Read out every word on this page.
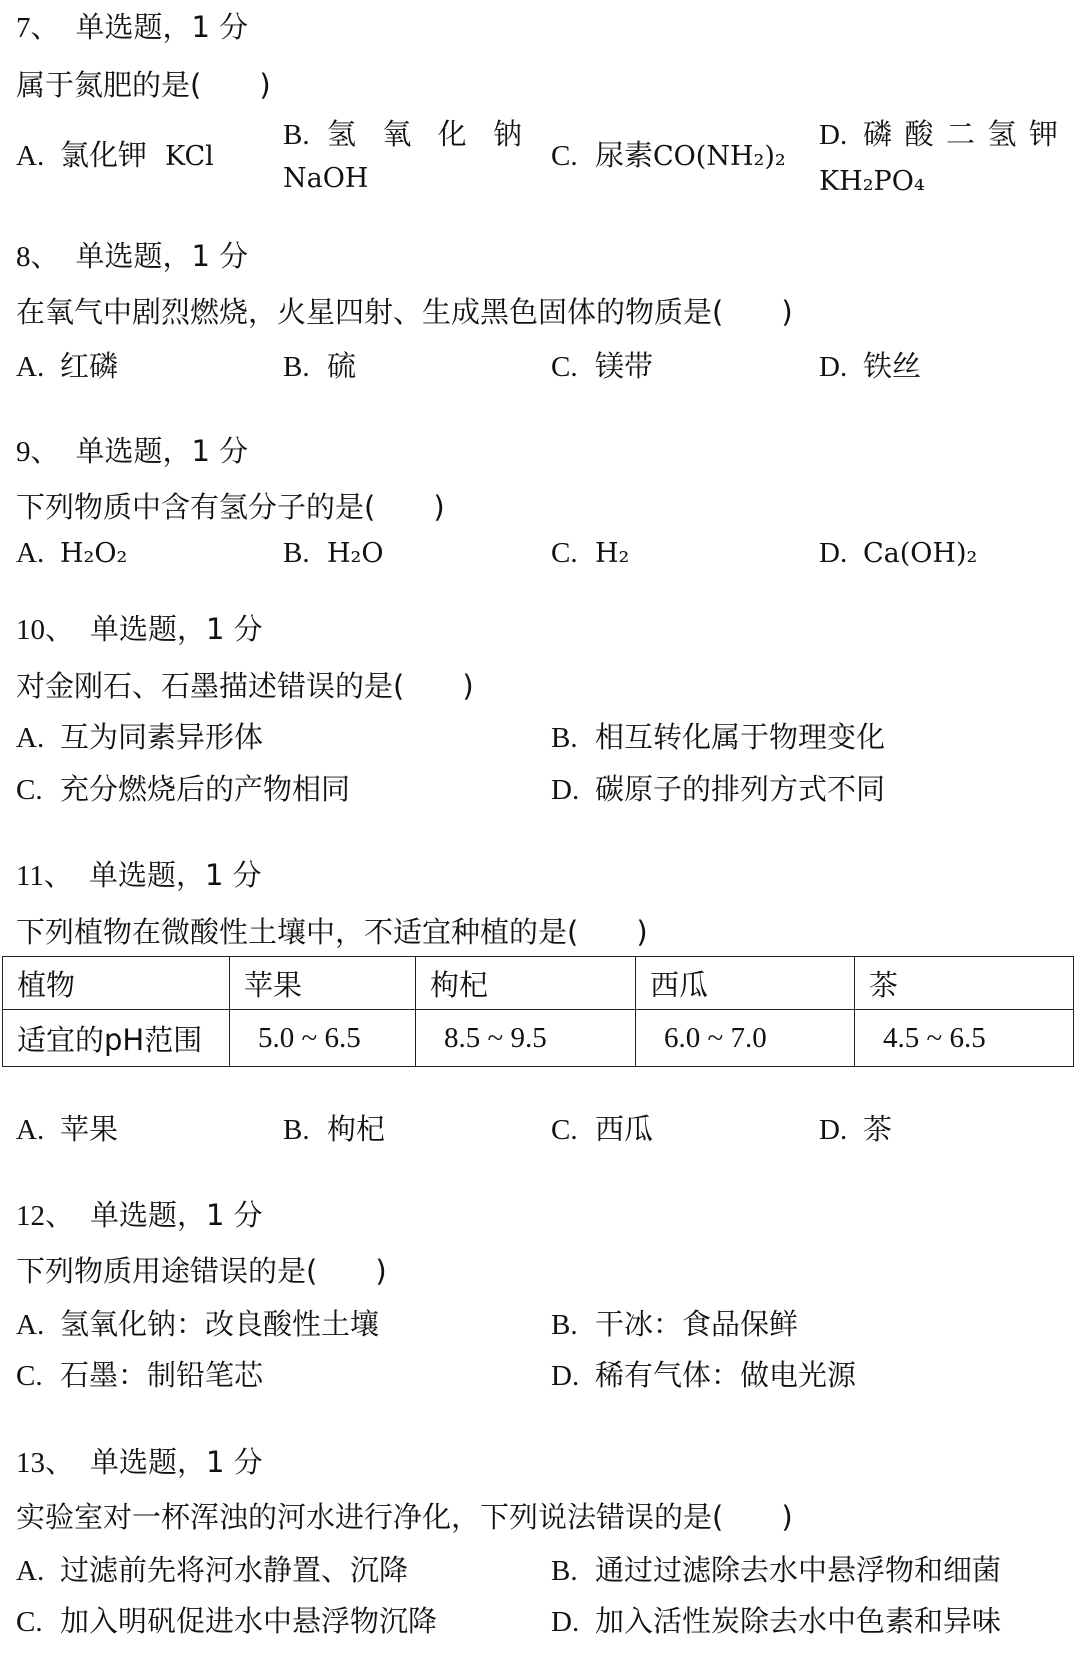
7、 单选题，1 分
属于氮肥的是(　　)
A. 氯化钾 KCl
B. 氢氧化钠
NaOH
C. 尿素CO(NH₂)₂
D. 磷酸二氢钾
KH₂PO₄
8、 单选题，1 分
在氧气中剧烈燃烧，火星四射、生成黑色固体的物质是(　　)
A. 红磷	B. 硫	C. 镁带	D. 铁丝
9、 单选题，1 分
下列物质中含有氢分子的是(　　)
A. H₂O₂	B. H₂O	C. H₂	D. Ca(OH)₂
10、 单选题，1 分
对金刚石、石墨描述错误的是(　　)
A. 互为同素异形体	B. 相互转化属于物理变化
C. 充分燃烧后的产物相同	D. 碳原子的排列方式不同
11、 单选题，1 分
下列植物在微酸性土壤中，不适宜种植的是(　　)
植物	苹果	枸杞	西瓜	茶
适宜的pH范围	5.0 ~ 6.5	8.5 ~ 9.5	6.0 ~ 7.0	4.5 ~ 6.5
A. 苹果	B. 枸杞	C. 西瓜	D. 茶
12、 单选题，1 分
下列物质用途错误的是(　　)
A. 氢氧化钠：改良酸性土壤	B. 干冰：食品保鲜
C. 石墨：制铅笔芯	D. 稀有气体：做电光源
13、 单选题，1 分
实验室对一杯浑浊的河水进行净化，下列说法错误的是(　　)
A. 过滤前先将河水静置、沉降	B. 通过过滤除去水中悬浮物和细菌
C. 加入明矾促进水中悬浮物沉降	D. 加入活性炭除去水中色素和异味
